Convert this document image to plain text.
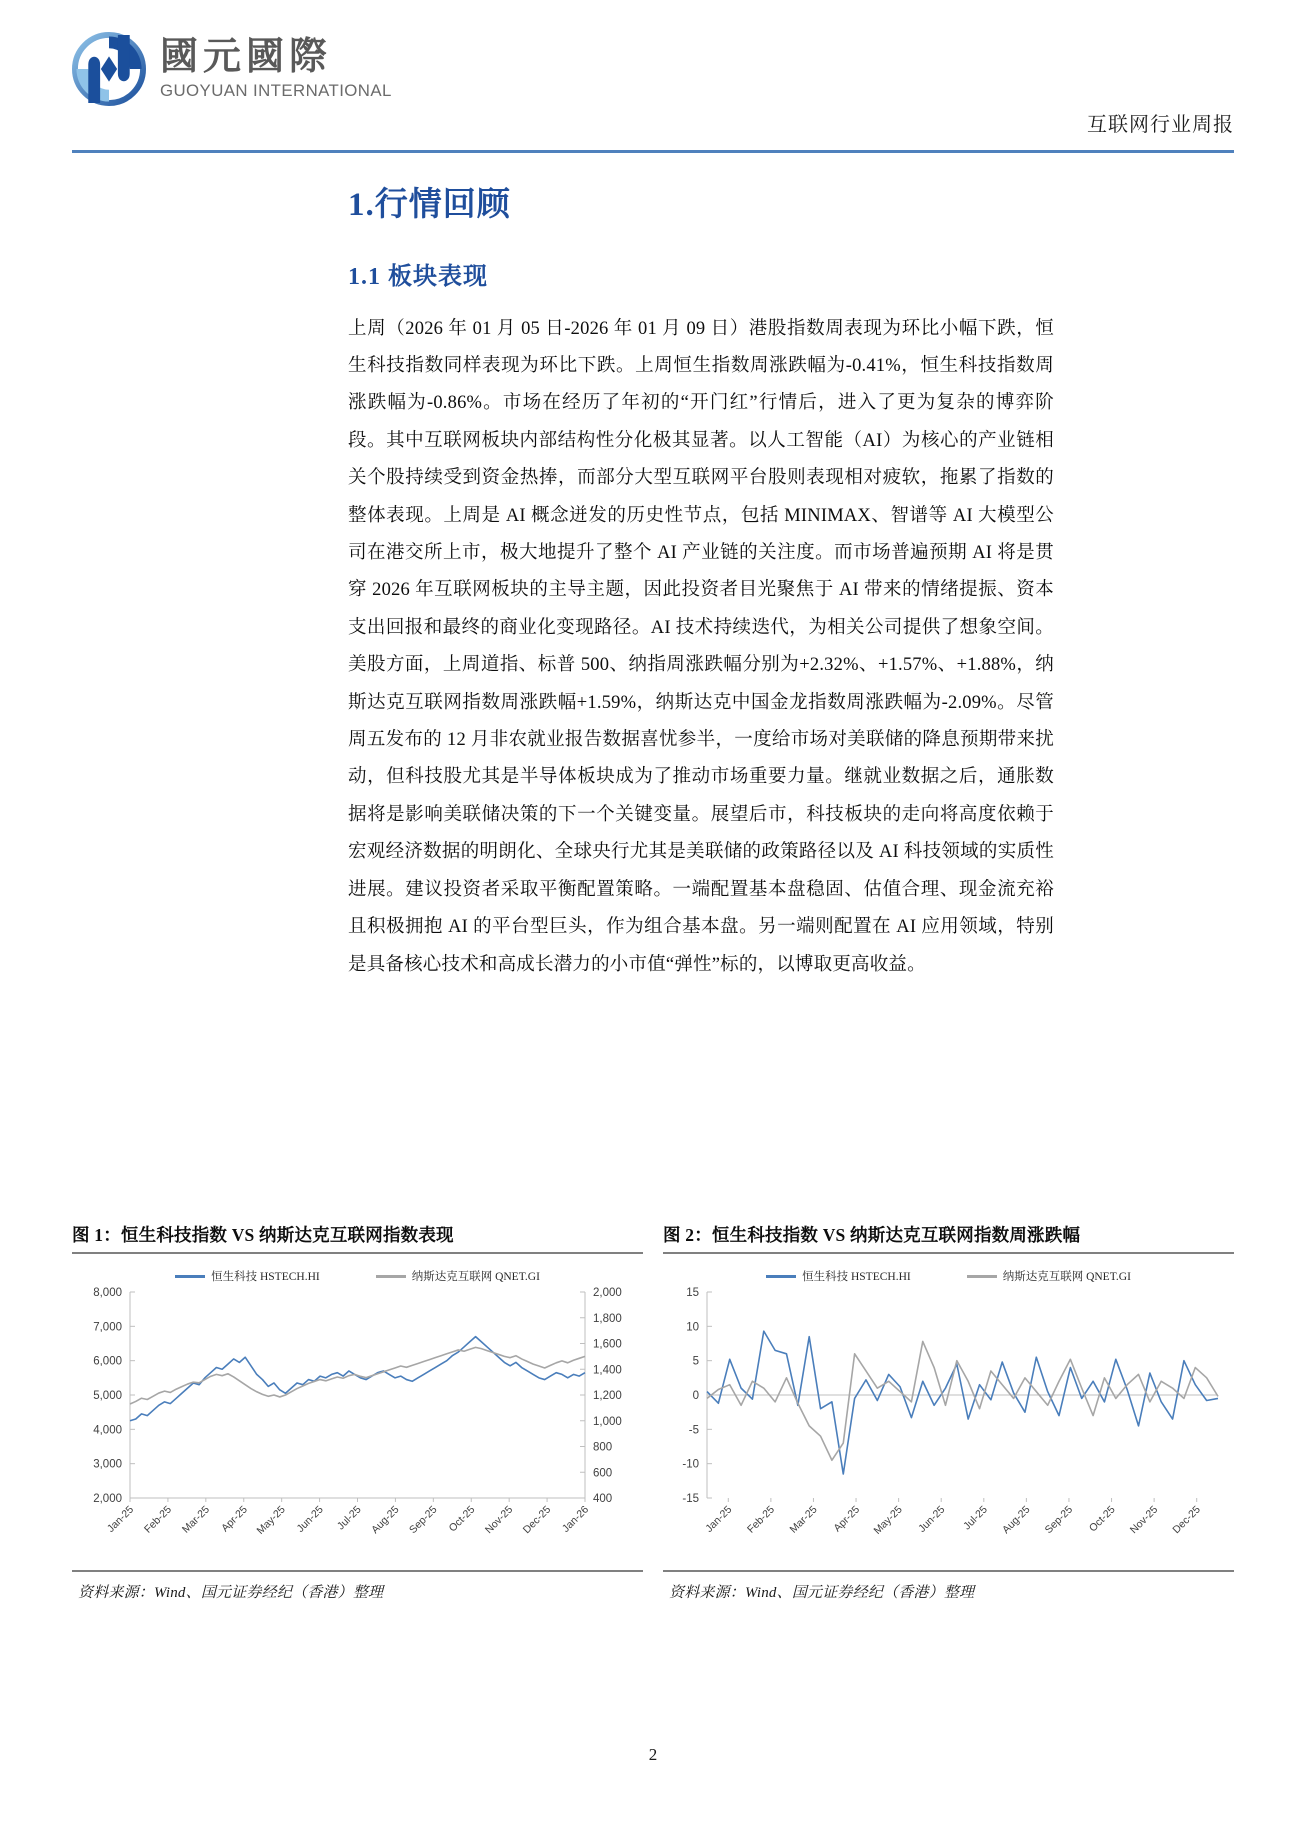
國元國際
GUOYUAN INTERNATIONAL
互联网行业周报
1.行情回顾
1.1 板块表现

上周（2026 年 01 月 05 日-2026 年 01 月 09 日）港股指数周表现为环比小幅下跌，恒生科技指数同样表现为环比下跌。上周恒生指数周涨跌幅为-0.41%，恒生科技指数周涨跌幅为-0.86%。市场在经历了年初的“开门红”行情后，进入了更为复杂的博弈阶段。其中互联网板块内部结构性分化极其显著。以人工智能（AI）为核心的产业链相关个股持续受到资金热捧，而部分大型互联网平台股则表现相对疲软，拖累了指数的整体表现。上周是 AI 概念迸发的历史性节点，包括 MINIMAX、智谱等 AI 大模型公司在港交所上市，极大地提升了整个 AI 产业链的关注度。而市场普遍预期 AI 将是贯穿 2026 年互联网板块的主导主题，因此投资者目光聚焦于 AI 带来的情绪提振、资本支出回报和最终的商业化变现路径。AI 技术持续迭代，为相关公司提供了想象空间。美股方面，上周道指、标普 500、纳指周涨跌幅分别为+2.32%、+1.57%、+1.88%，纳斯达克互联网指数周涨跌幅+1.59%，纳斯达克中国金龙指数周涨跌幅为-2.09%。尽管周五发布的 12 月非农就业报告数据喜忧参半，一度给市场对美联储的降息预期带来扰动，但科技股尤其是半导体板块成为了推动市场重要力量。继就业数据之后，通胀数据将是影响美联储决策的下一个关键变量。展望后市，科技板块的走向将高度依赖于宏观经济数据的明朗化、全球央行尤其是美联储的政策路径以及 AI 科技领域的实质性进展。建议投资者采取平衡配置策略。一端配置基本盘稳固、估值合理、现金流充裕且积极拥抱 AI 的平台型巨头，作为组合基本盘。另一端则配置在 AI 应用领域，特别是具备核心技术和高成长潜力的小市值“弹性”标的，以博取更高收益。

图 1：恒生科技指数 VS 纳斯达克互联网指数表现
恒生科技 HSTECH.HI	纳斯达克互联网 QNET.GI
2,000
3,000
4,000
5,000
6,000
7,000
8,000
400
600
800
1,000
1,200
1,400
1,600
1,800
2,000
Jan-25 Feb-25 Mar-25 Apr-25 May-25 Jun-25 Jul-25 Aug-25 Sep-25 Oct-25 Nov-25 Dec-25 Jan-26
资料来源：Wind、国元证券经纪（香港）整理
图 2：恒生科技指数 VS 纳斯达克互联网指数周涨跌幅
恒生科技 HSTECH.HI	纳斯达克互联网 QNET.GI
-15
-10
-5
0
5
10
15
Jan-25 Feb-25 Mar-25 Apr-25 May-25 Jun-25 Jul-25 Aug-25 Sep-25 Oct-25 Nov-25 Dec-25
资料来源：Wind、国元证券经纪（香港）整理
2
